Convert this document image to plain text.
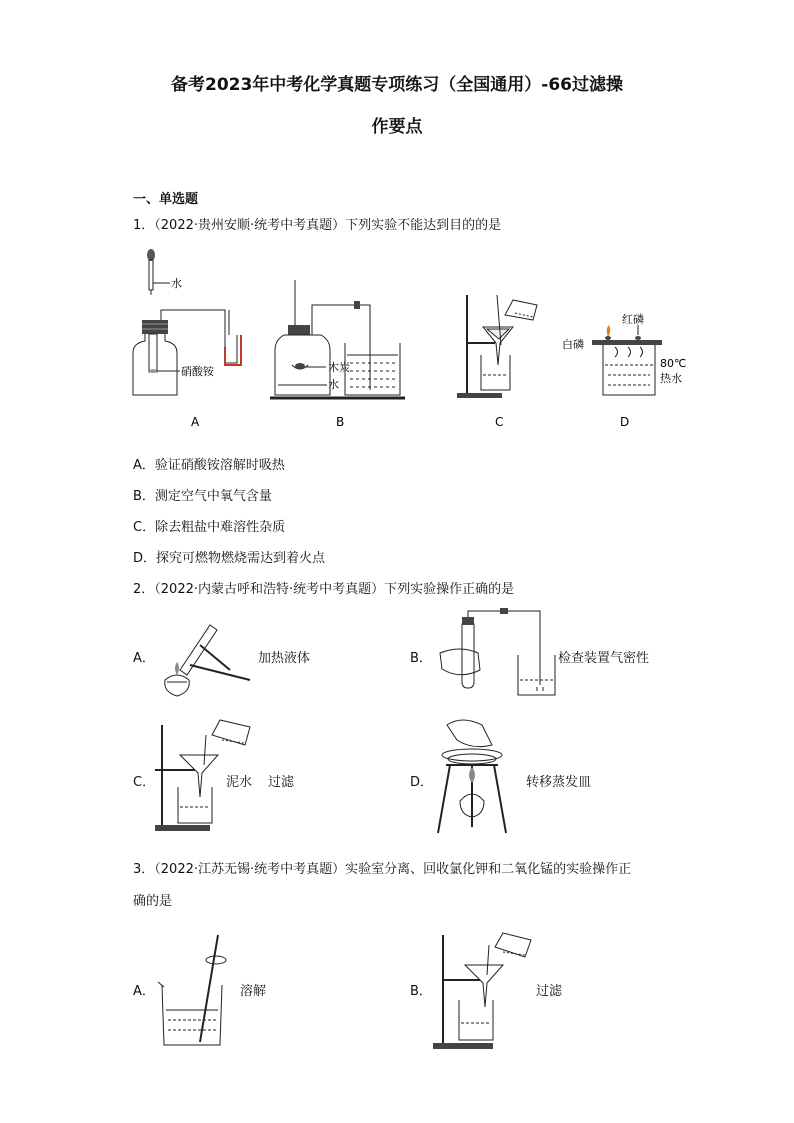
备考2023年中考化学真题专项练习（全国通用）-66过滤操
作要点
一、单选题
1．（2022·贵州安顺·统考中考真题）下列实验不能达到目的的是
水
硝酸铵
A
木炭
水
B	C
红磷
白磷
80℃
热水
D
A．验证硝酸铵溶解时吸热
B．测定空气中氧气含量
C．除去粗盐中难溶性杂质
D．探究可燃物燃烧需达到着火点
2．（2022·内蒙古呼和浩特·统考中考真题）下列实验操作正确的是
A．	加热液体	B．	检查装置气密性
C．	泥水 过滤	D．	转移蒸发皿
3．（2022·江苏无锡·统考中考真题）实验室分离、回收氯化钾和二氧化锰的实验操作正
确的是
A．	溶解	B．	过滤
